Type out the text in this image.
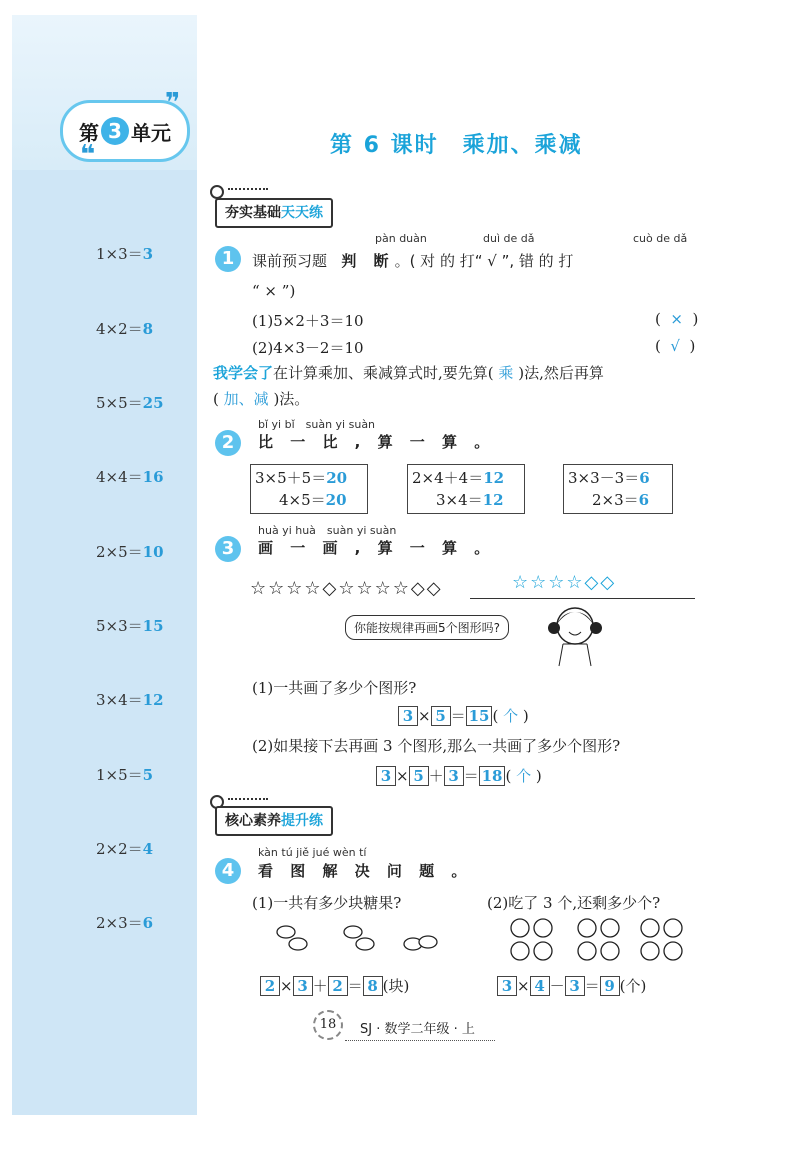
第 3 单元
❞
❝
1×3＝3
4×2＝8
5×5＝25
4×4＝16
2×5＝10
5×3＝15
3×4＝12
1×5＝5
2×2＝4
2×3＝6
第 6 课时　乘加、乘减
夯实基础天天练
1
pàn duàn	duì de dǎ	cuò de dǎ
课前预习题 判 断。( 对 的 打“ √ ”, 错 的 打
“ × ”)
(1)5×2＋3＝10	(  ×  )
(2)4×3－2＝10	(  √  )
我学会了在计算乘加、乘减算式时,要先算( 乘 )法,然后再算
( 加、减 )法。
bǐ yi bǐ　suàn yi suàn
2	比 一 比 , 算 一 算 。
3×5＋5＝20
4×5＝20
2×4＋4＝12
3×4＝12
3×3－3＝6
2×3＝6
huà yi huà　suàn yi suàn
3	画 一 画 , 算 一 算 。
☆☆☆☆◇☆☆☆☆◇◇	☆☆☆☆◇◇
你能按规律再画5个图形吗?
(1)一共画了多少个图形?
3 × 5 ＝ 15 ( 个 )
(2)如果接下去再画 3 个图形,那么一共画了多少个图形?
3 × 5 ＋ 3 ＝ 18 ( 个 )
核心素养提升练
kàn tú jiě jué wèn tí
4	看 图 解 决 问 题 。
(1)一共有多少块糖果?	(2)吃了 3 个,还剩多少个?
2 × 3 ＋ 2 ＝ 8 (块)	3 × 4 － 3 ＝ 9 (个)
18	SJ · 数学二年级 · 上
